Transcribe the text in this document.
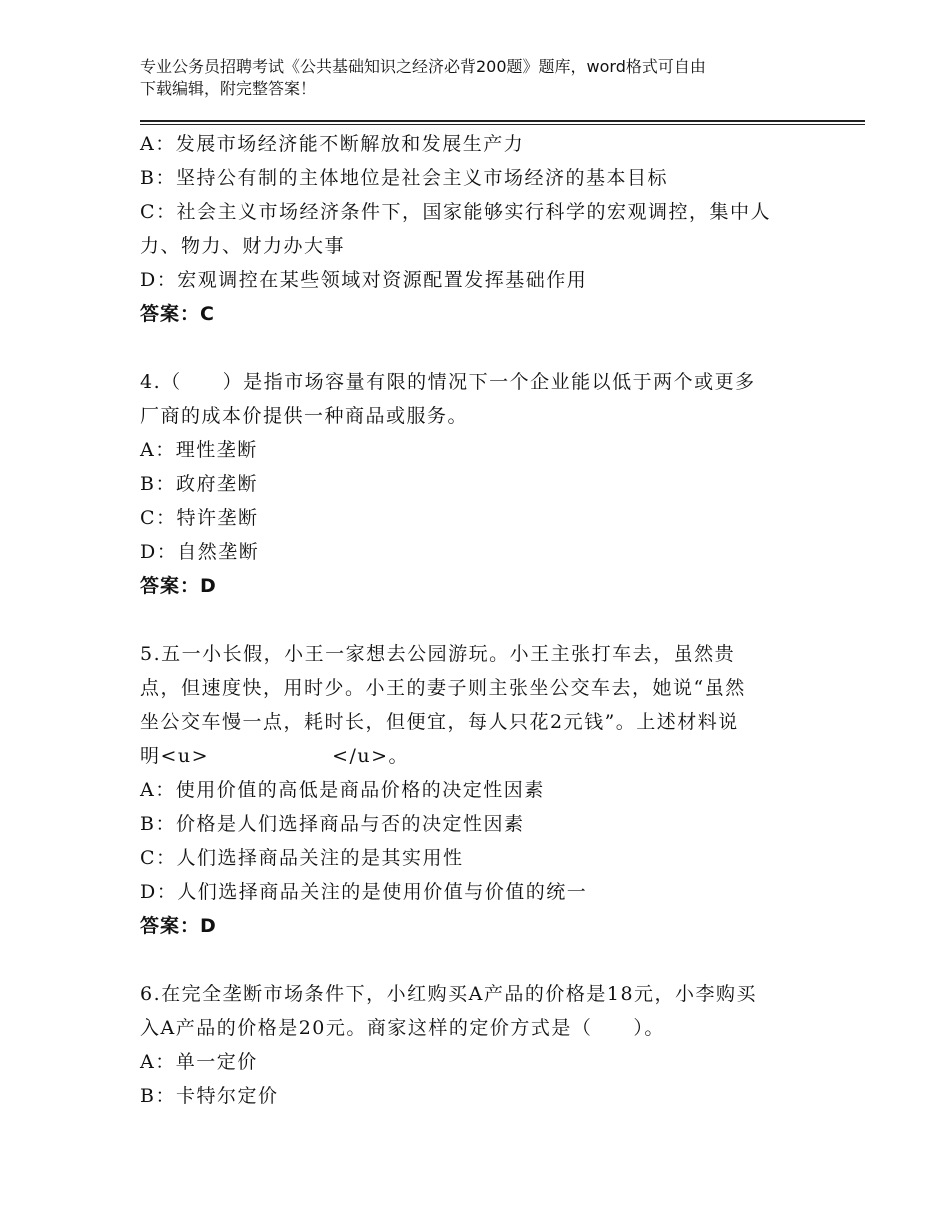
专业公务员招聘考试《公共基础知识之经济必背200题》题库，word格式可自由
下载编辑，附完整答案！

A：发展市场经济能不断解放和发展生产力

B：坚持公有制的主体地位是社会主义市场经济的基本目标

C：社会主义市场经济条件下，国家能够实行科学的宏观调控，集中人

力、物力、财力办大事

D：宏观调控在某些领域对资源配置发挥基础作用

答案：C

4.（　　）是指市场容量有限的情况下一个企业能以低于两个或更多

厂商的成本价提供一种商品或服务。

A：理性垄断

B：政府垄断

C：特许垄断

D：自然垄断

答案：D

5.五一小长假，小王一家想去公园游玩。小王主张打车去，虽然贵

点，但速度快，用时少。小王的妻子则主张坐公交车去，她说“虽然

坐公交车慢一点，耗时长，但便宜，每人只花2元钱”。上述材料说

明<u>　　　　　　</u>。

A：使用价值的高低是商品价格的决定性因素

B：价格是人们选择商品与否的决定性因素

C：人们选择商品关注的是其实用性

D：人们选择商品关注的是使用价值与价值的统一

答案：D

6.在完全垄断市场条件下，小红购买A产品的价格是18元，小李购买

入A产品的价格是20元。商家这样的定价方式是（　　）。

A：单一定价

B：卡特尔定价
